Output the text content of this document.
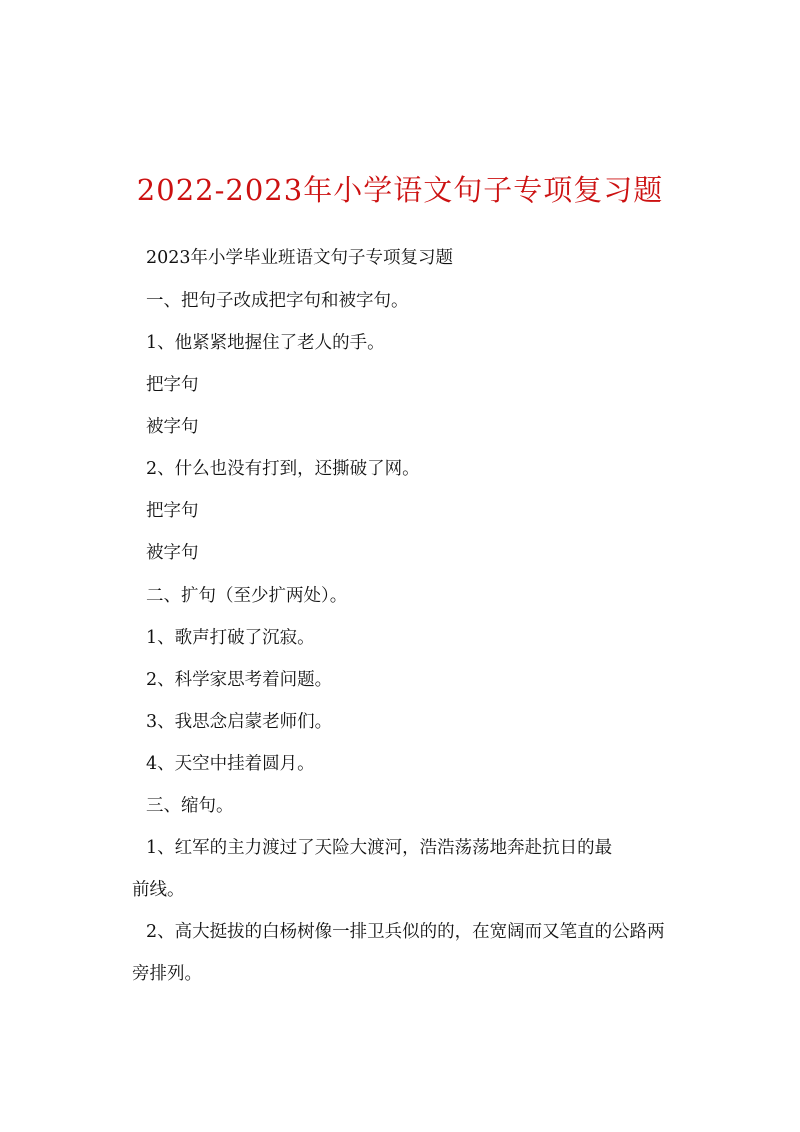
2022-2023年小学语文句子专项复习题
2023年小学毕业班语文句子专项复习题
一、把句子改成把字句和被字句。
1、他紧紧地握住了老人的手。
把字句
被字句
2、什么也没有打到，还撕破了网。
把字句
被字句
二、扩句（至少扩两处）。
1、歌声打破了沉寂。
2、科学家思考着问题。
3、我思念启蒙老师们。
4、天空中挂着圆月。
三、缩句。
1、红军的主力渡过了天险大渡河，浩浩荡荡地奔赴抗日的最
前线。
2、高大挺拔的白杨树像一排卫兵似的的，在宽阔而又笔直的公路两
旁排列。
